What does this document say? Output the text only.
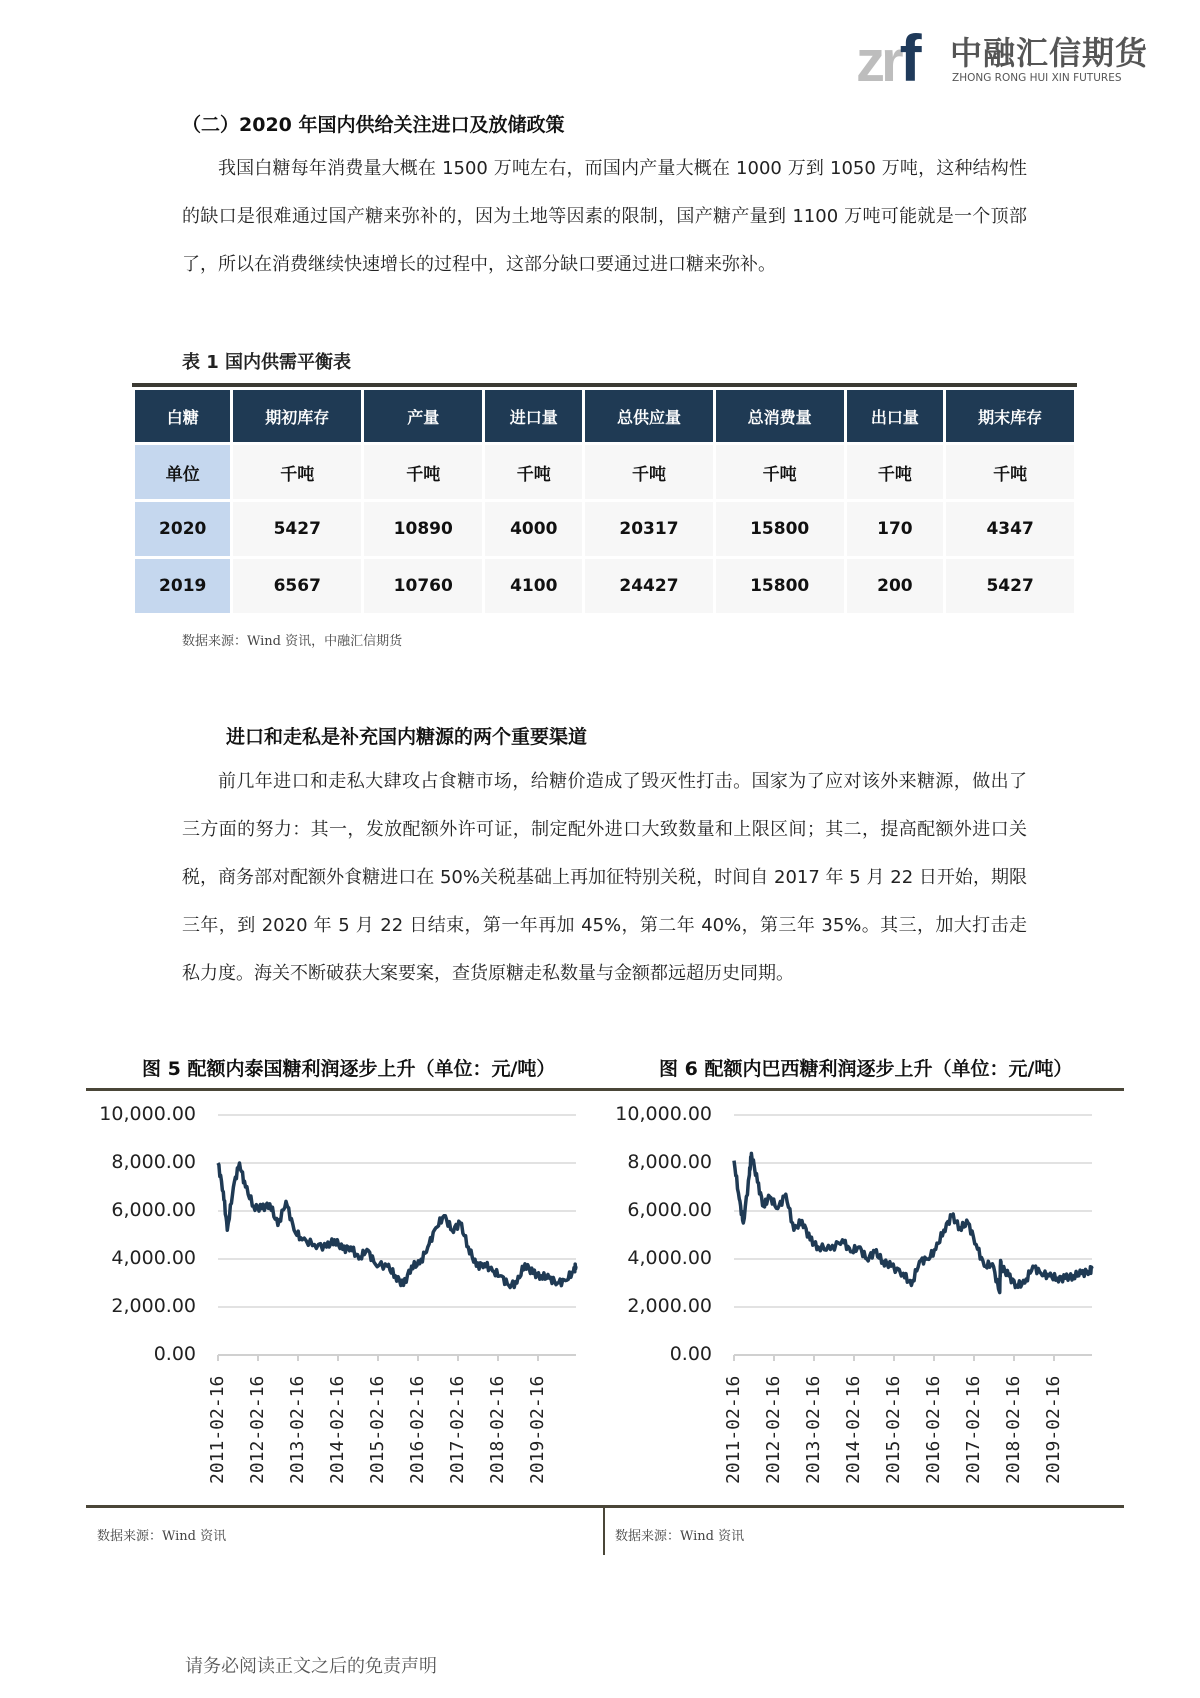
zrf 中融汇信期货
ZHONG RONG HUI XIN FUTURES
（二）2020 年国内供给关注进口及放储政策

我国白糖每年消费量大概在 1500 万吨左右，而国内产量大概在 1000 万到 1050 万吨，这种结构性的缺口是很难通过国产糖来弥补的，因为土地等因素的限制，国产糖产量到 1100 万吨可能就是一个顶部了，所以在消费继续快速增长的过程中，这部分缺口要通过进口糖来弥补。

表 1 国内供需平衡表
白糖	期初库存	产量	进口量	总供应量	总消费量	出口量	期末库存
单位	千吨	千吨	千吨	千吨	千吨	千吨	千吨
2020	5427	10890	4000	20317	15800	170	4347
2019	6567	10760	4100	24427	15800	200	5427
数据来源：Wind 资讯，中融汇信期货
进口和走私是补充国内糖源的两个重要渠道

前几年进口和走私大肆攻占食糖市场，给糖价造成了毁灭性打击。国家为了应对该外来糖源，做出了三方面的努力：其一，发放配额外许可证，制定配外进口大致数量和上限区间；其二，提高配额外进口关税，商务部对配额外食糖进口在 50%关税基础上再加征特别关税，时间自 2017 年 5 月 22 日开始，期限三年，到 2020 年 5 月 22 日结束，第一年再加 45%，第二年 40%，第三年 35%。其三，加大打击走私力度。海关不断破获大案要案，查货原糖走私数量与金额都远超历史同期。

图 5 配额内泰国糖利润逐步上升（单位：元/吨）	图 6 配额内巴西糖利润逐步上升（单位：元/吨）
10,000.00
8,000.00
6,000.00
4,000.00
2,000.00
0.00
2011-02-16 2012-02-16 2013-02-16 2014-02-16 2015-02-16 2016-02-16 2017-02-16 2018-02-16 2019-02-16
10,000.00
8,000.00
6,000.00
4,000.00
2,000.00
0.00
2011-02-16 2012-02-16 2013-02-16 2014-02-16 2015-02-16 2016-02-16 2017-02-16 2018-02-16 2019-02-16
数据来源：Wind 资讯	数据来源：Wind 资讯
请务必阅读正文之后的免责声明
